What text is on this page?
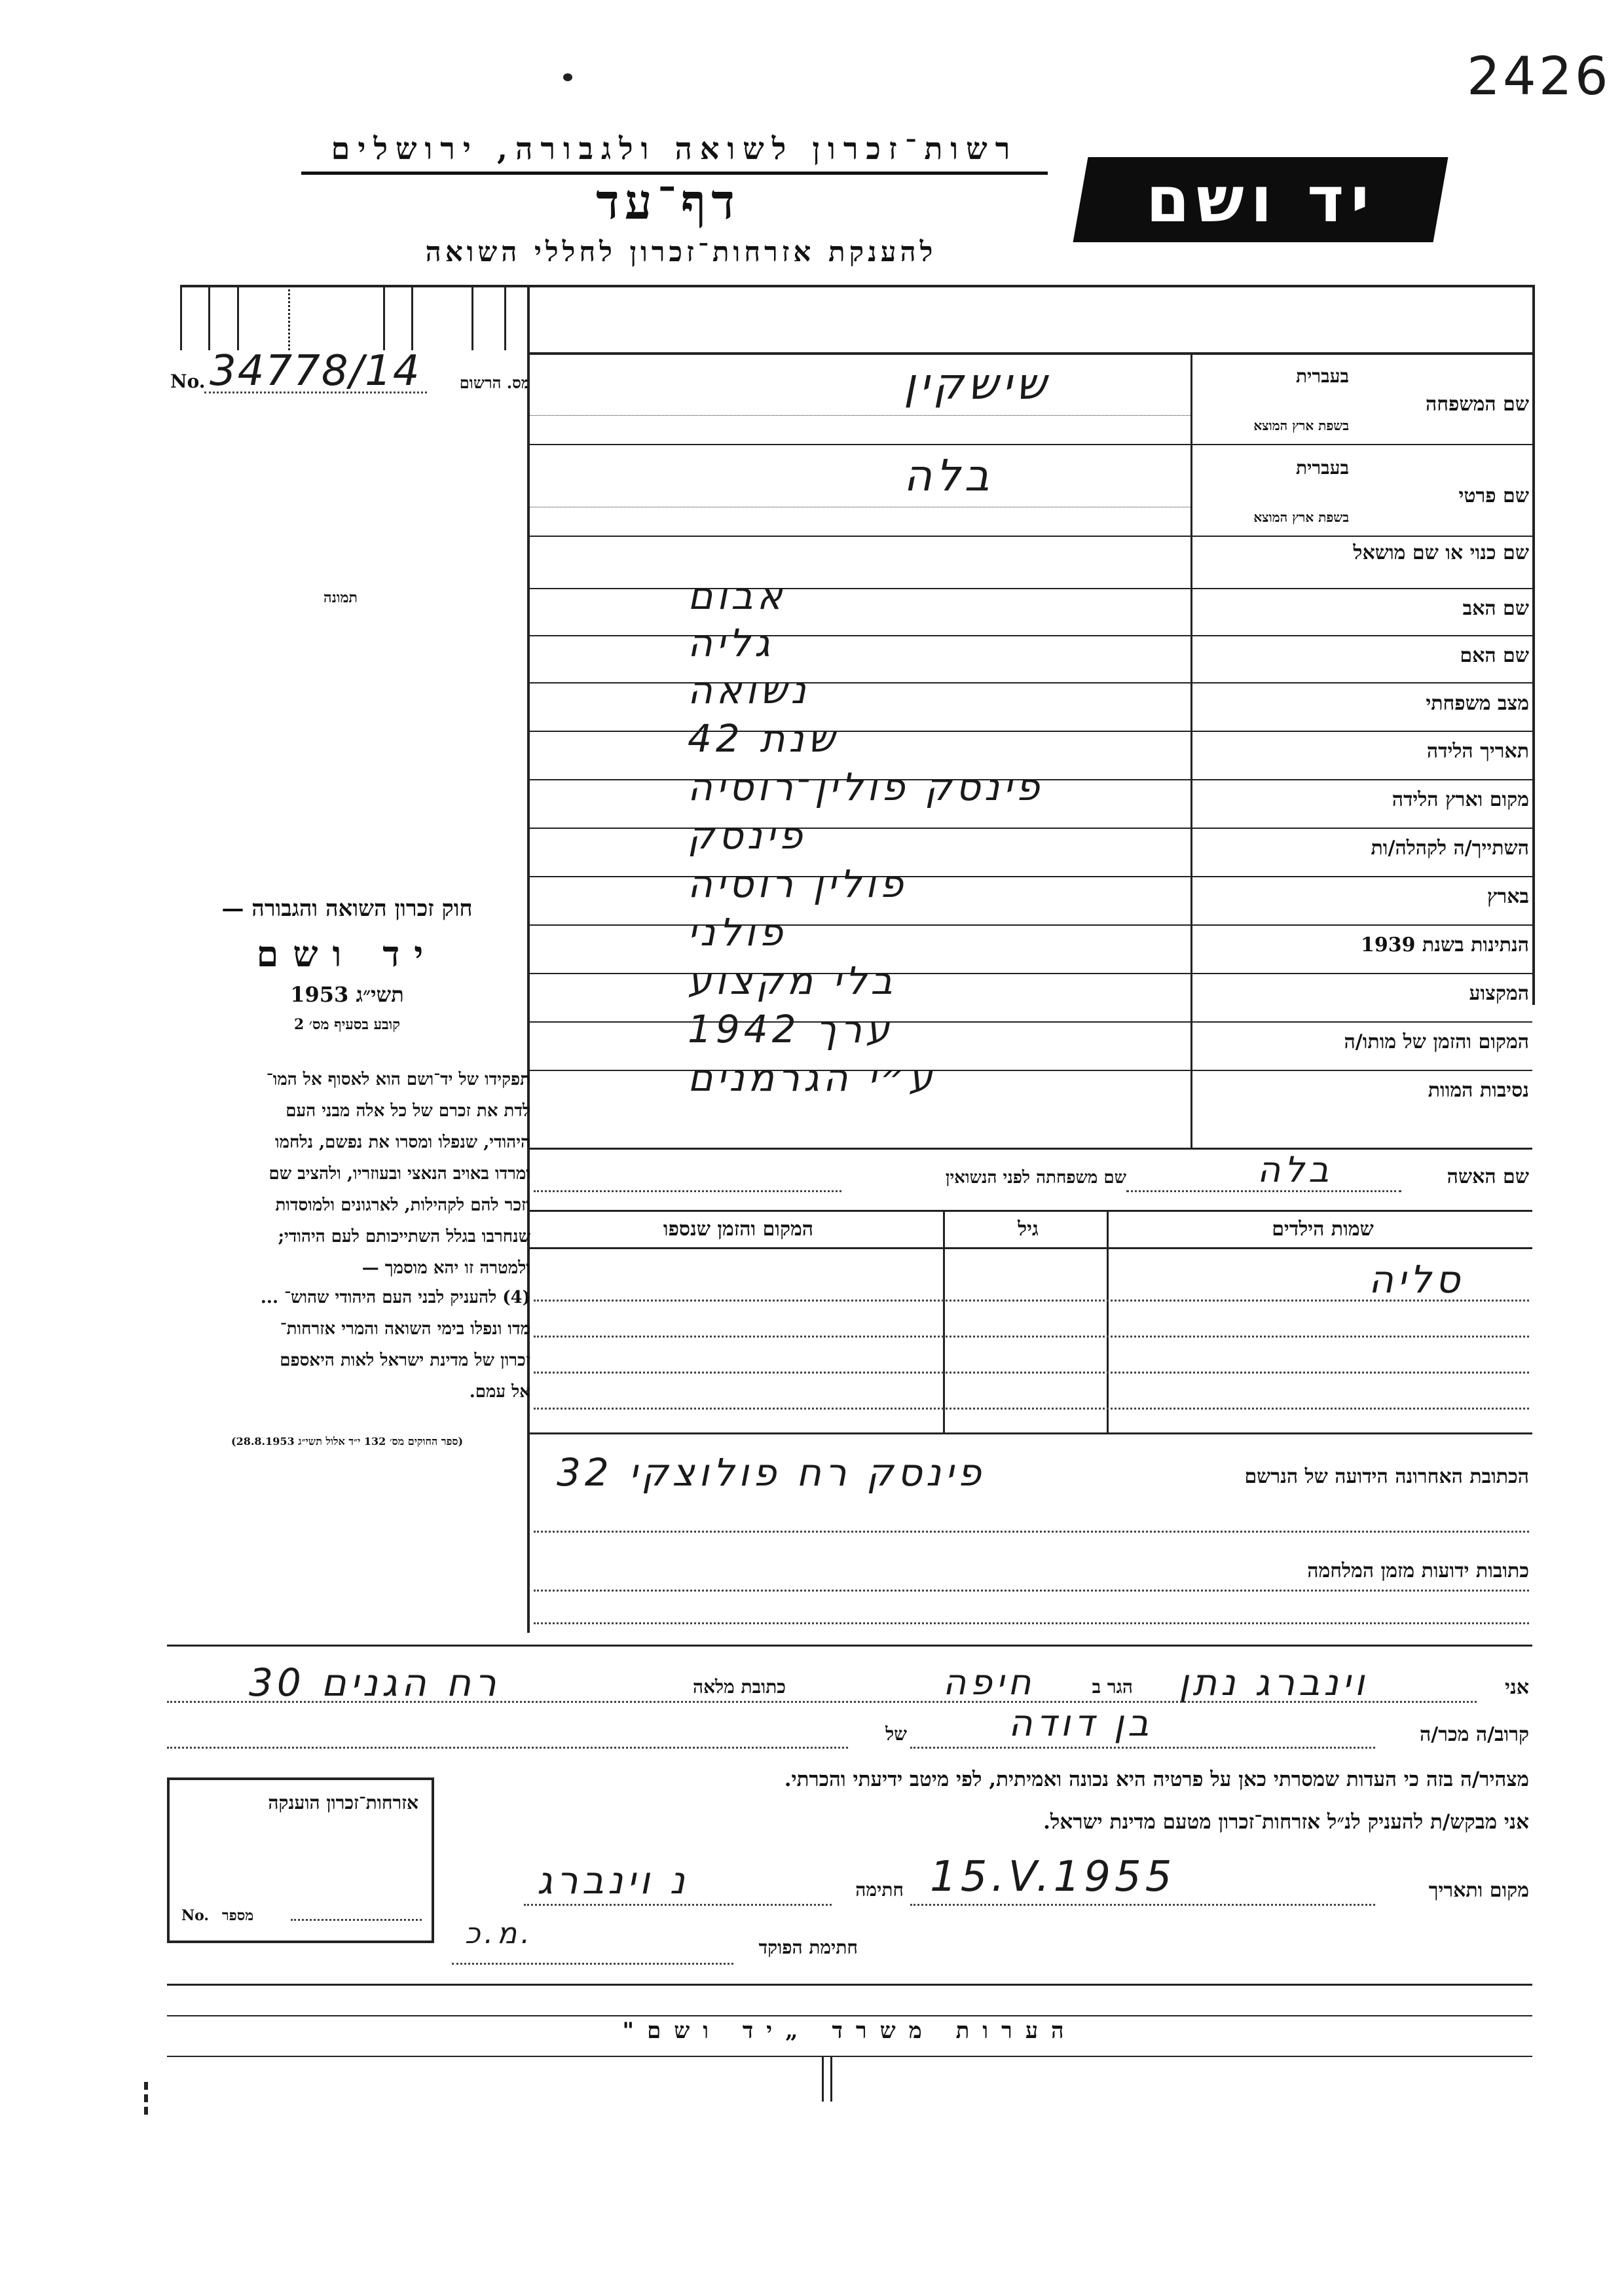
2426
רשות־זכרון לשואה ולגבורה, ירושלים
דף־עד
להענקת אזרחות־זכרון לחללי השואה
יד ושם
No. 34778/14	מס. הרשום
תמונה
שם המשפחה
בעברית
בשפת ארץ המוצא
שישקין
שם פרטי
בעברית
בשפת ארץ המוצא
בלה
שם כנוי או שם מושאל
שם האב
אבום
שם האם
גליה
מצב משפחתי
נשואה
תאריך הלידה
שנת 42
מקום וארץ הלידה
פינסק פולין־רוסיה
השתייך/ה לקהלה/ות
פינסק
בארץ
פולין רוסיה
הנתינות בשנת 1939
פולני
המקצוע
בלי מקצוע
המקום והזמן של מותו/ה
ערך 1942
נסיבות המוות
ע״י הגרמנים
חוק זכרון השואה והגבורה —
יד ושם
תשי״ג 1953
קובע בסעיף מס׳ 2
תפקידו של יד־ושם הוא לאסוף אל המו־
לדת את זכרם של כל אלה מבני העם
היהודי, שנפלו ומסרו את נפשם, נלחמו
ומרדו באויב הנאצי ובעוזריו, ולהציב שם
וזכר להם לקהילות, לארגונים ולמוסדות
שנחרבו בגלל השתייכותם לעם היהודי;
ולמטרה זו יהא מוסמך —
(4) להעניק לבני העם היהודי שהוש־ ...
מדו ונפלו בימי השואה והמרי אזרחות־
זכרון של מדינת ישראל לאות היאספם
אל עמם.
(ספר החוקים מס׳ 132 י״ד אלול תשי״ג 28.8.1953)
שם האשה
בלה
שם משפחתה לפני הנשואין
שמות הילדים
גיל
המקום והזמן שנספו
סליה
הכתובת האחרונה הידועה של הנרשם
פינסק רח פולוצקי 32
כתובות ידועות מזמן המלחמה
אני
וינברג נתן
הגר ב
חיפה
כתובת מלאה
רח הגנים 30
קרוב/ה מכר/ה
בן דודה
של
מצהיר/ה בזה כי העדות שמסרתי כאן על פרטיה היא נכונה ואמיתית, לפי מיטב ידיעתי והכרתי.
אני מבקש/ת להעניק לנ״ל אזרחות־זכרון מטעם מדינת ישראל.
מקום ותאריך
15.V.1955
חתימה
נ וינברג
חתימת הפוקד
מ.כ.
אזרחות־זכרון הוענקה
No. מספר
הערות משרד „יד ושם"
